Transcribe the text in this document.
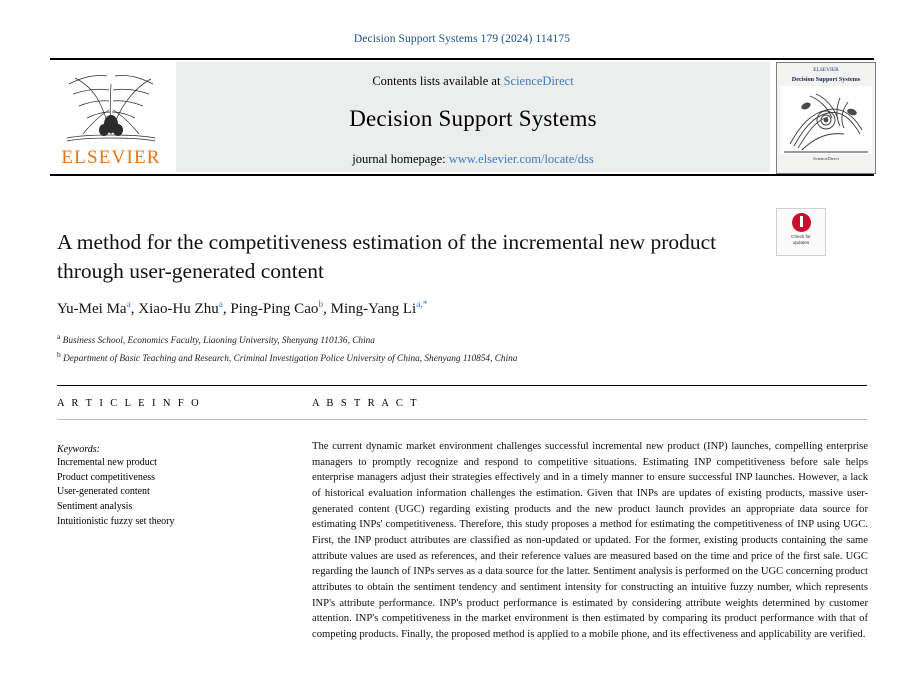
Decision Support Systems 179 (2024) 114175
ELSEVIER
Contents lists available at ScienceDirect
Decision Support Systems
journal homepage: www.elsevier.com/locate/dss
ELSEVIER
Decision Support Systems
ScienceDirect
Check for
updates
A method for the competitiveness estimation of the incremental new product through user-generated content
Yu-Mei Ma$^a$, Xiao-Hu Zhu$^a$, Ping-Ping Cao$^b$, Ming-Yang $Li^{a,*}$
$^a$ Business School, Economics Faculty, Liaoning University, Shenyang 110136, China
$^b$ Department of Basic Teaching and Research, Criminal Investigation Police University of China, Shenyang 110854, China
A R T I C L E I N F O
Keywords:
Incremental new product
Product competitiveness
User-generated content
Sentiment analysis
Intuitionistic fuzzy set theory
A B S T R A C T
The current dynamic market environment challenges successful incremental new product (INP) launches, compelling enterprise managers to promptly recognize and respond to competitive situations. Estimating INP competitiveness before sale helps enterprise managers adjust their strategies effectively and in a timely manner to ensure successful INP launches. However, a lack of historical evaluation information challenges the estimation. Given that INPs are updates of existing products, massive user-generated content (UGC) regarding existing products and the new product launch provides an appropriate data source for estimating INPs' competitiveness. Therefore, this study proposes a method for estimating the competitiveness of INP using UGC. First, the INP product attributes are classified as non-updated or updated. For the former, existing products containing the same attribute values are used as references, and their reference values are measured based on the time and price of the first sale. UGC regarding the launch of INPs serves as a data source for the latter. Sentiment analysis is performed on the UGC concerning product attributes to obtain the sentiment tendency and sentiment intensity for constructing an intuitive fuzzy number, which represents INP's attribute performance. INP's product performance is estimated by considering attribute weights determined by customer attention. INP's competitiveness in the market environment is then estimated by comparing its product performance with that of competing products. Finally, the proposed method is applied to a mobile phone, and its effectiveness and applicability are verified.
